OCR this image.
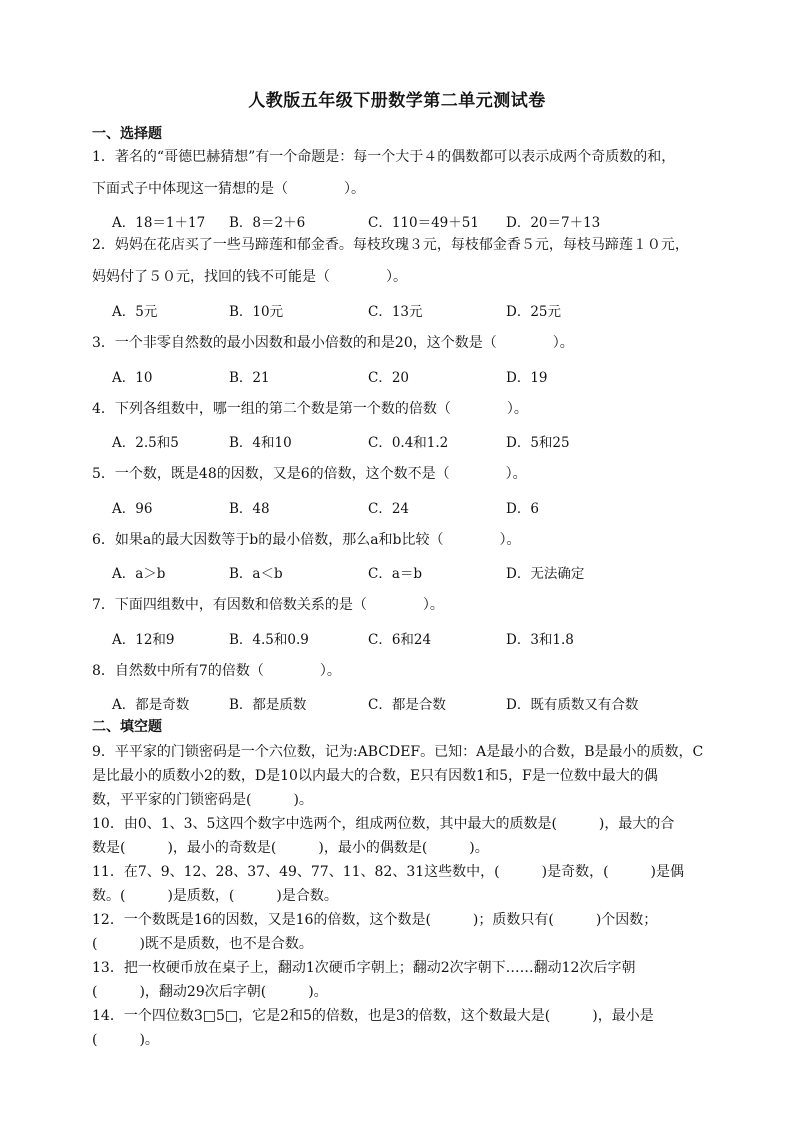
人教版五年级下册数学第二单元测试卷
一、选择题
1．著名的“哥德巴赫猜想”有一个命题是：每一个大于４的偶数都可以表示成两个奇质数的和，
下面式子中体现这一猜想的是（　　　　）。
A．18＝1＋17 B．8＝2＋6	C．110＝49＋51 D．20＝7＋13
2．妈妈在花店买了一些马蹄莲和郁金香。每枝玫瑰３元，每枝郁金香５元，每枝马蹄莲１０元，
妈妈付了５０元，找回的钱不可能是（　　　　）。
A．5元	B．10元	C．13元	D．25元
3．一个非零自然数的最小因数和最小倍数的和是20，这个数是（　　　　）。
A．10	B．21	C．20	D．19
4．下列各组数中，哪一组的第二个数是第一个数的倍数（　　　　）。
A．2.5和5	B．4和10	C．0.4和1.2	D．5和25
5．一个数，既是48的因数，又是6的倍数，这个数不是（　　　　）。
A．96	B．48	C．24	D．6
6．如果a的最大因数等于b的最小倍数，那么a和b比较（　　　　）。
A．a＞b	B．a＜b	C．a＝b	D．无法确定
7．下面四组数中，有因数和倍数关系的是（　　　　）。
A．12和9	B．4.5和0.9	C．6和24	D．3和1.8
8．自然数中所有7的倍数（　　　　）。
A．都是奇数	B．都是质数	C．都是合数	D．既有质数又有合数
二、填空题
9．平平家的门锁密码是一个六位数，记为:ABCDEF。已知：A是最小的合数，B是最小的质数，C
是比最小的质数小2的数，D是10以内最大的合数，E只有因数1和5，F是一位数中最大的偶
数，平平家的门锁密码是(　　　)。
10．由0、1、3、5这四个数字中选两个，组成两位数，其中最大的质数是(　　　)，最大的合
数是(　　　)，最小的奇数是(　　　)，最小的偶数是(　　　)。
11．在7、9、12、28、37、49、77、11、82、31这些数中，(　　　)是奇数，(　　　)是偶
数。(　　　)是质数，(　　　)是合数。
12．一个数既是16的因数，又是16的倍数，这个数是(　　　)；质数只有(　　　)个因数；
(　　　)既不是质数，也不是合数。
13．把一枚硬币放在桌子上，翻动1次硬币字朝上；翻动2次字朝下……翻动12次后字朝
(　　　)，翻动29次后字朝(　　　)。
14．一个四位数3□5□，它是2和5的倍数，也是3的倍数，这个数最大是(　　　)，最小是
(　　　)。
